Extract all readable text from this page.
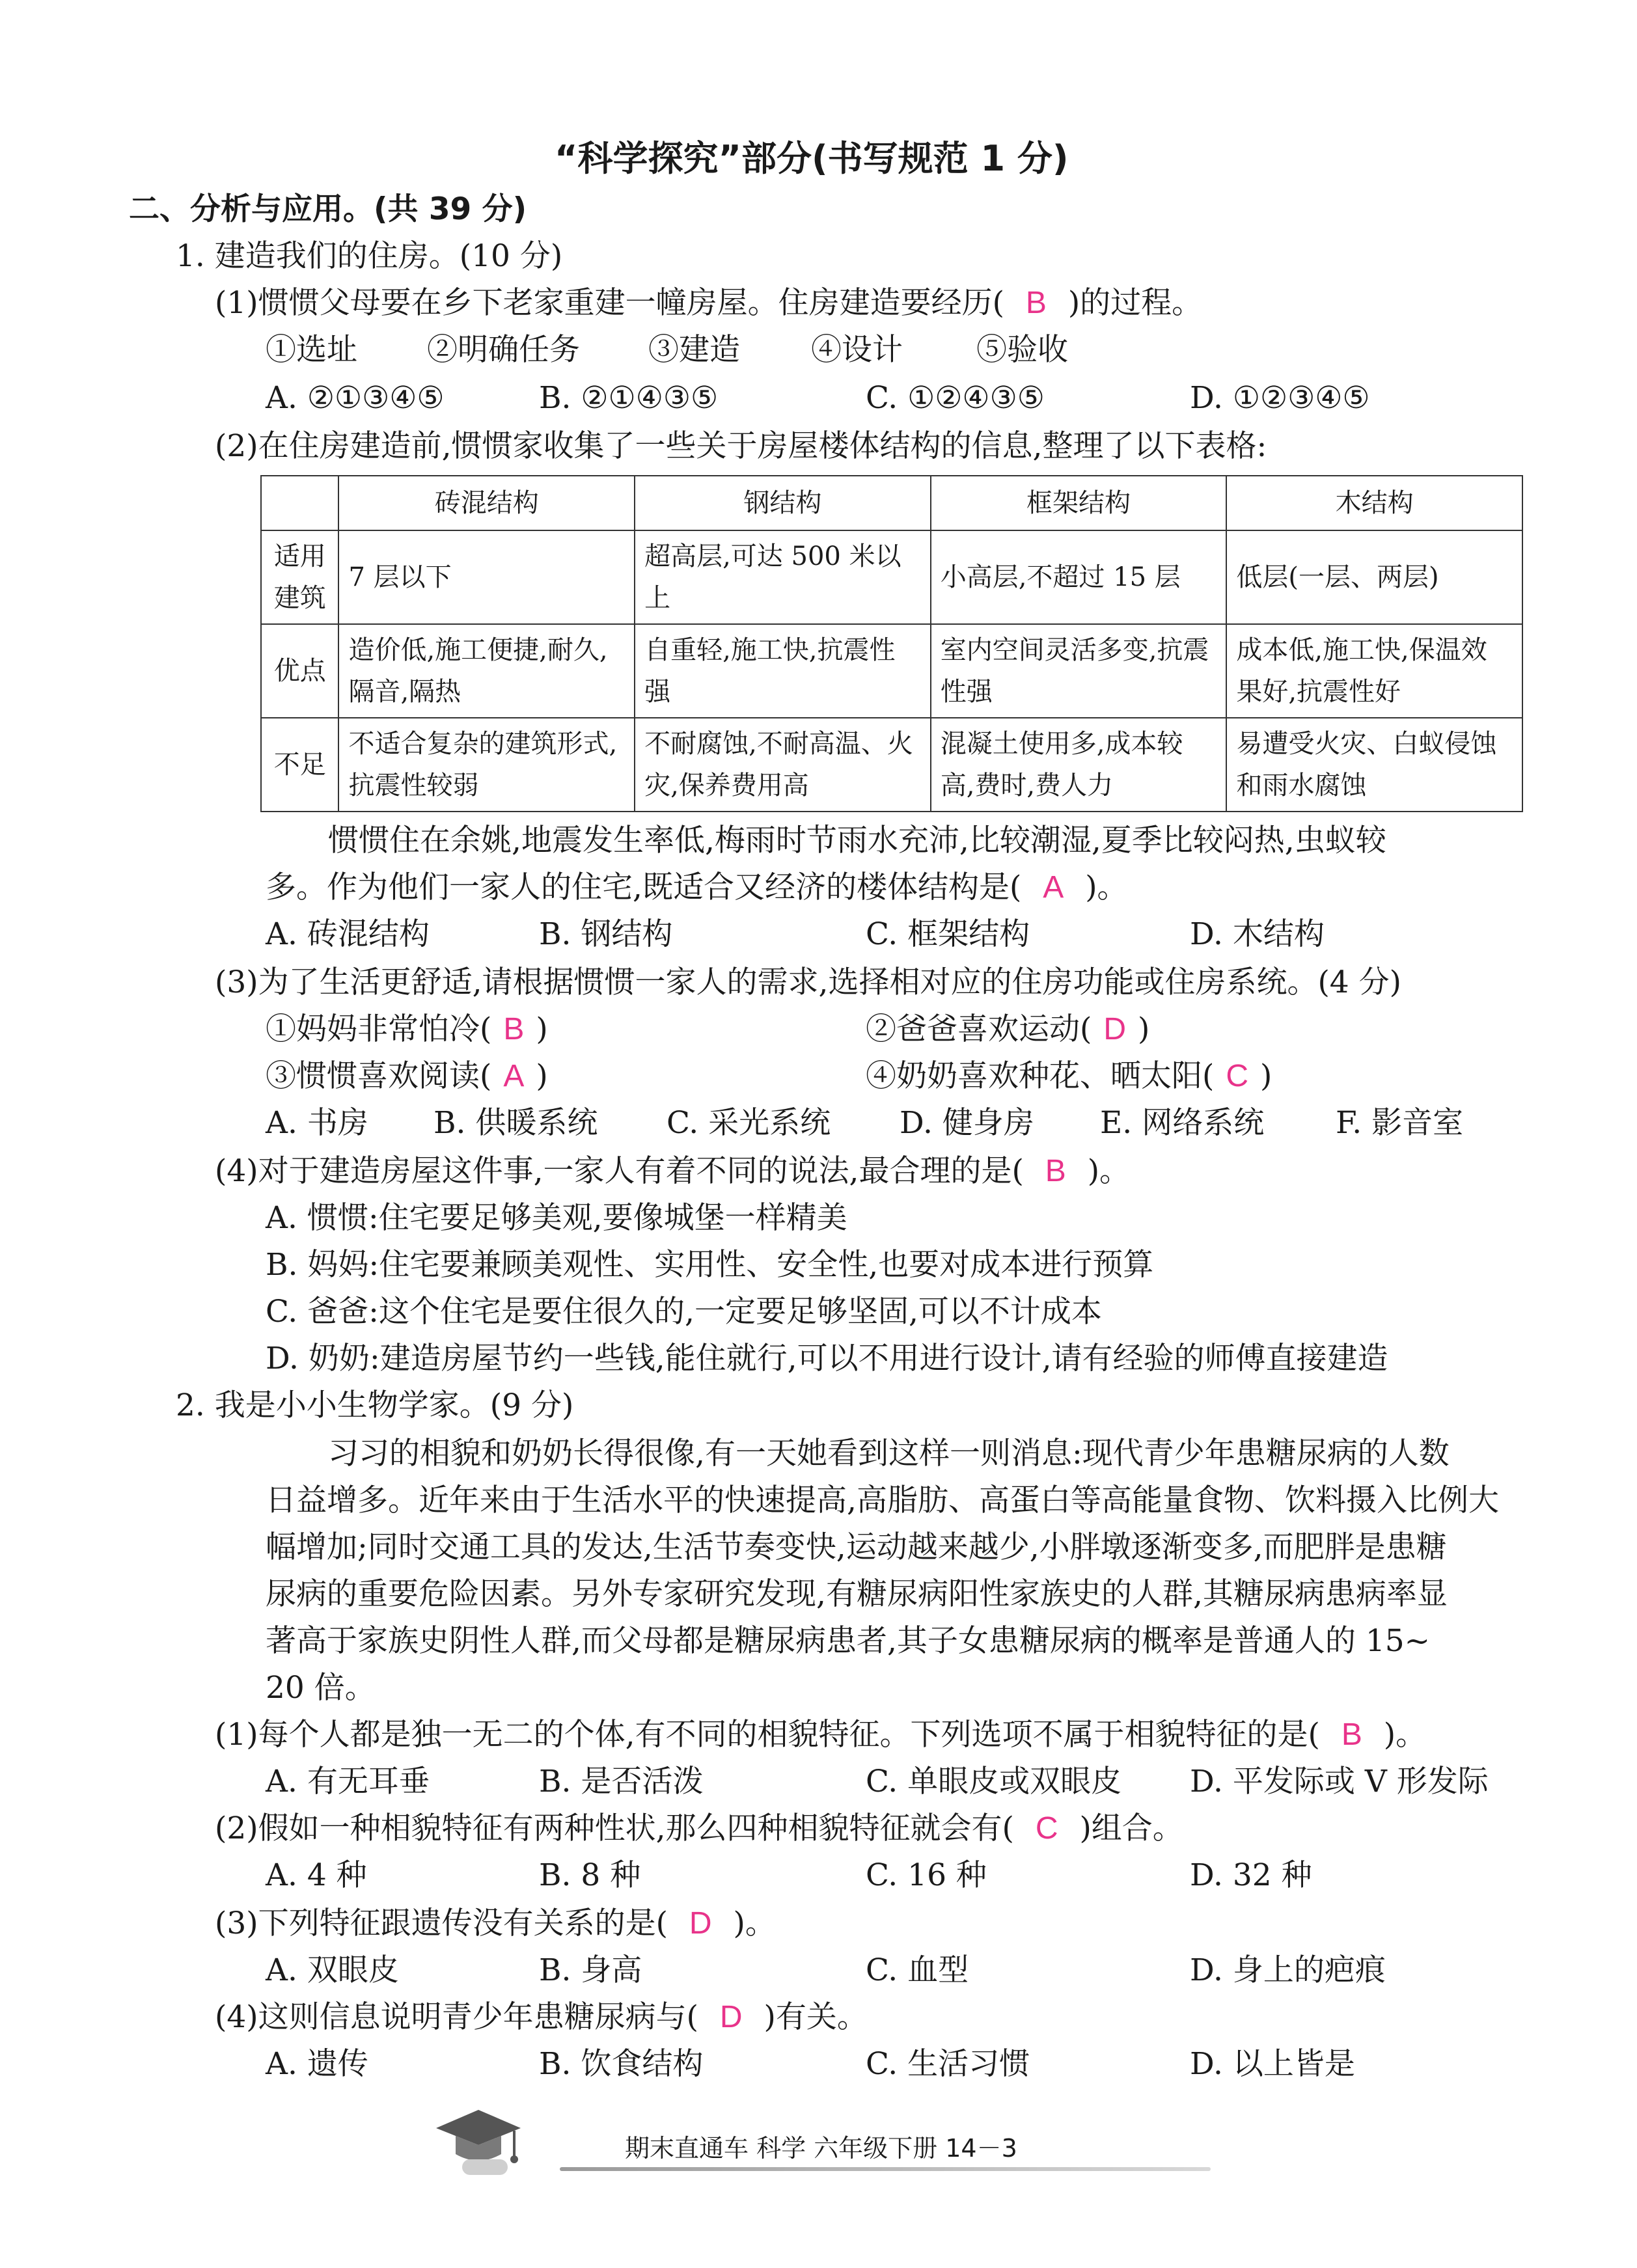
“科学探究”部分(书写规范 1 分)
二、分析与应用。(共 39 分)
1. 建造我们的住房。(10 分)
(1)惯惯父母要在乡下老家重建一幢房屋。住房建造要经历( B )的过程。
①选址 ②明确任务 ③建造 ④设计 ⑤验收
A. ②①③④⑤	B. ②①④③⑤	C. ①②④③⑤	D. ①②③④⑤
(2)在住房建造前,惯惯家收集了一些关于房屋楼体结构的信息,整理了以下表格:
	砖混结构	钢结构	框架结构	木结构
适用建筑	7 层以下	超高层,可达 500 米以上	小高层,不超过 15 层	低层(一层、两层)
优点	造价低,施工便捷,耐久,隔音,隔热	自重轻,施工快,抗震性强	室内空间灵活多变,抗震性强	成本低,施工快,保温效果好,抗震性好
不足	不适合复杂的建筑形式,抗震性较弱	不耐腐蚀,不耐高温、火灾,保养费用高	混凝土使用多,成本较高,费时,费人力	易遭受火灾、白蚁侵蚀和雨水腐蚀
惯惯住在余姚,地震发生率低,梅雨时节雨水充沛,比较潮湿,夏季比较闷热,虫蚁较
多。作为他们一家人的住宅,既适合又经济的楼体结构是( A )。
A. 砖混结构	B. 钢结构	C. 框架结构	D. 木结构
(3)为了生活更舒适,请根据惯惯一家人的需求,选择相对应的住房功能或住房系统。(4 分)
①妈妈非常怕冷( B )	②爸爸喜欢运动( D )
③惯惯喜欢阅读( A )	④奶奶喜欢种花、晒太阳( C )
A. 书房 B. 供暖系统 C. 采光系统 D. 健身房 E. 网络系统 F. 影音室
(4)对于建造房屋这件事,一家人有着不同的说法,最合理的是( B )。
A. 惯惯:住宅要足够美观,要像城堡一样精美
B. 妈妈:住宅要兼顾美观性、实用性、安全性,也要对成本进行预算
C. 爸爸:这个住宅是要住很久的,一定要足够坚固,可以不计成本
D. 奶奶:建造房屋节约一些钱,能住就行,可以不用进行设计,请有经验的师傅直接建造
2. 我是小小生物学家。(9 分)
习习的相貌和奶奶长得很像,有一天她看到这样一则消息:现代青少年患糖尿病的人数
日益增多。近年来由于生活水平的快速提高,高脂肪、高蛋白等高能量食物、饮料摄入比例大
幅增加;同时交通工具的发达,生活节奏变快,运动越来越少,小胖墩逐渐变多,而肥胖是患糖
尿病的重要危险因素。另外专家研究发现,有糖尿病阳性家族史的人群,其糖尿病患病率显
著高于家族史阴性人群,而父母都是糖尿病患者,其子女患糖尿病的概率是普通人的 15~
20 倍。
(1)每个人都是独一无二的个体,有不同的相貌特征。下列选项不属于相貌特征的是( B )。
A. 有无耳垂	B. 是否活泼	C. 单眼皮或双眼皮 D. 平发际或 V 形发际
(2)假如一种相貌特征有两种性状,那么四种相貌特征就会有( C )组合。
A. 4 种	B. 8 种	C. 16 种	D. 32 种
(3)下列特征跟遗传没有关系的是( D )。
A. 双眼皮	B. 身高	C. 血型	D. 身上的疤痕
(4)这则信息说明青少年患糖尿病与( D )有关。
A. 遗传	B. 饮食结构	C. 生活习惯	D. 以上皆是
期末直通车 科学 六年级下册 14－3
